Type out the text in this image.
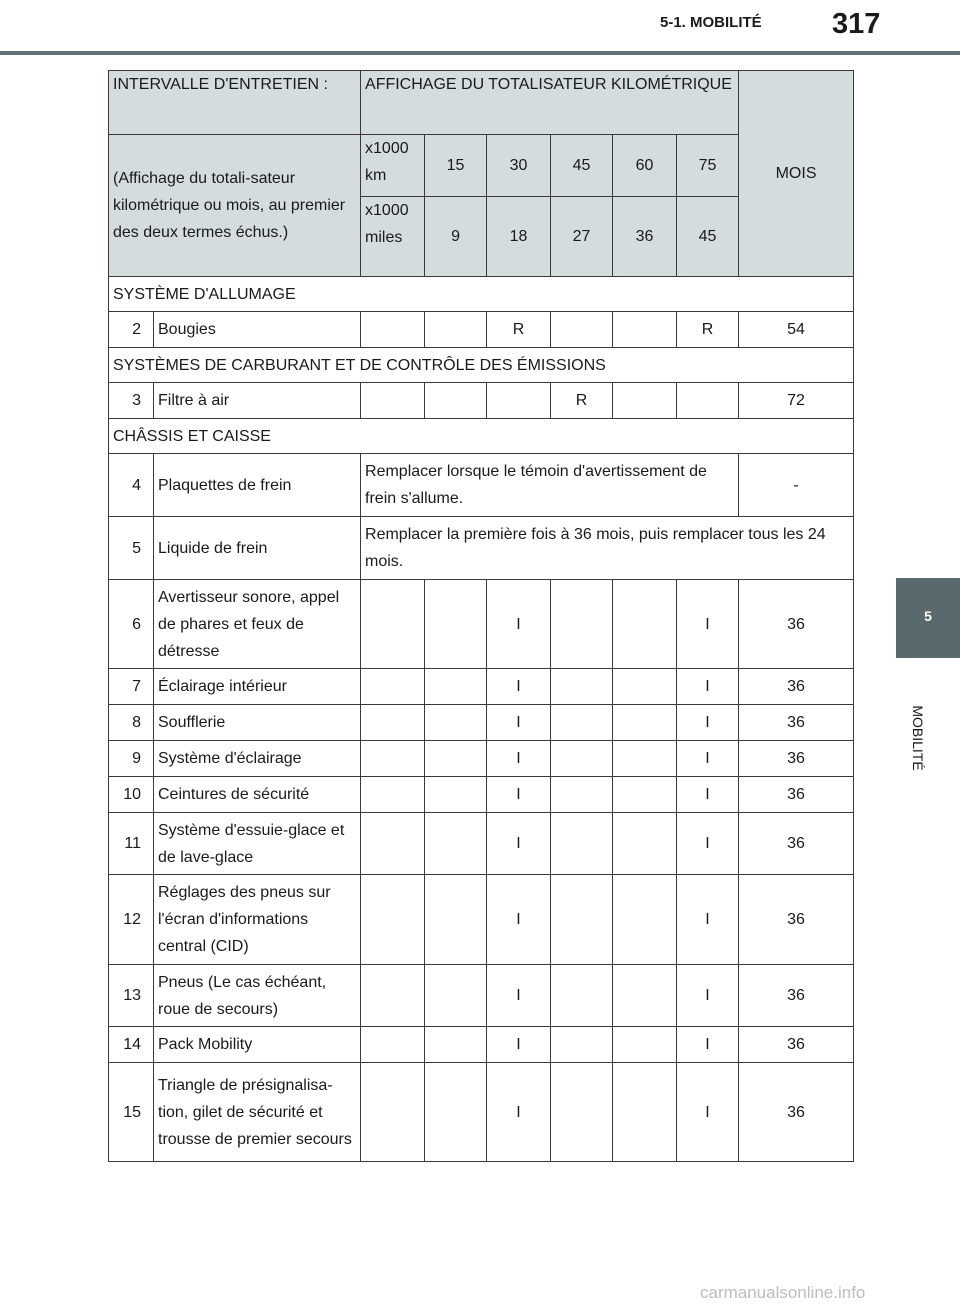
5-1. MOBILITÉ 317
5
MOBILITÉ
INTERVALLE D'ENTRETIEN :		AFFICHAGE DU TOTALISATEUR KILOMÉTRIQUE						MOIS
(Affichage du totali-sateur kilométrique ou mois, au premier des deux termes échus.)		x1000 km	15	30	45	60	75	
		x1000 miles	9	18	27	36	45	
SYSTÈME D'ALLUMAGE								
2	Bougies			R			R	54
SYSTÈMES DE CARBURANT ET DE CONTRÔLE DES ÉMISSIONS								
3	Filtre à air				R			72
CHÂSSIS ET CAISSE								
4	Plaquettes de frein	Remplacer lorsque le témoin d'avertissement de frein s'allume.						-
5	Liquide de frein	Remplacer la première fois à 36 mois, puis remplacer tous les 24 mois.						
6	Avertisseur sonore, appel de phares et feux de détresse			I			I	36
7	Éclairage intérieur			I			I	36
8	Soufflerie			I			I	36
9	Système d'éclairage			I			I	36
10	Ceintures de sécurité			I			I	36
11	Système d'essuie-glace et de lave-glace			I			I	36
12	Réglages des pneus sur l'écran d'informations central (CID)			I			I	36
13	Pneus (Le cas échéant, roue de secours)			I			I	36
14	Pack Mobility			I			I	36
15	Triangle de présignalisa-tion, gilet de sécurité et trousse de premier secours			I			I	36
carmanualsonline.info
